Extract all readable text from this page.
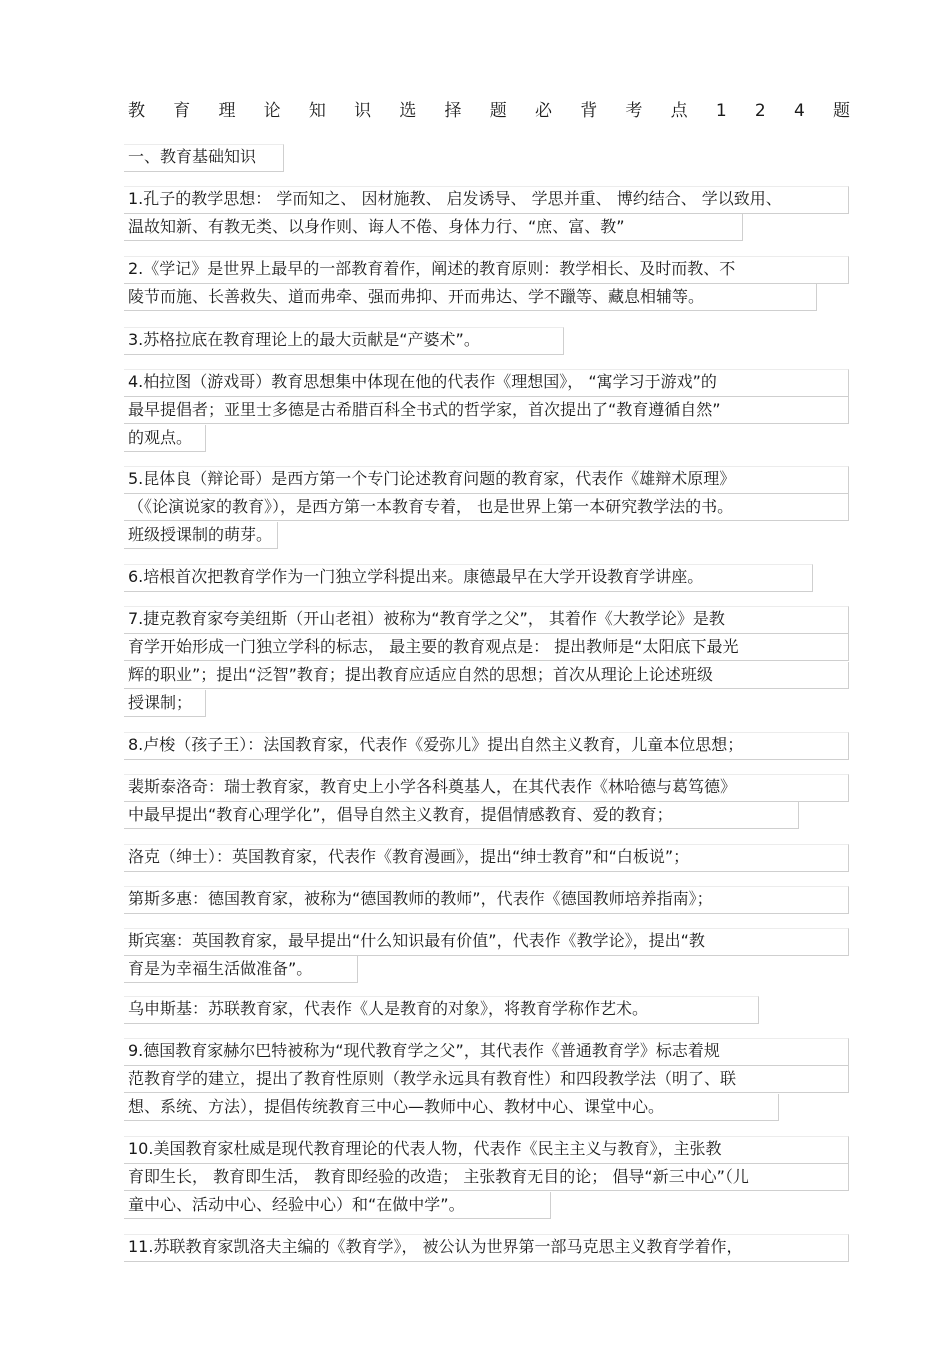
教 育 理 论 知 识 选 择 题 必 背 考 点 1 2 4 题
一、教育基础知识
1.孔子的教学思想： 学而知之、 因材施教、 启发诱导、 学思并重、 博约结合、 学以致用、
温故知新、有教无类、以身作则、诲人不倦、身体力行、“庶、富、教”
2.《学记》是世界上最早的一部教育着作，阐述的教育原则：教学相长、及时而教、不
陵节而施、长善救失、道而弗牵、强而弗抑、开而弗达、学不躐等、藏息相辅等。
3.苏格拉底在教育理论上的最大贡献是“产婆术”。
4.柏拉图（游戏哥）教育思想集中体现在他的代表作《理想国》， “寓学习于游戏”的
最早提倡者；亚里士多德是古希腊百科全书式的哲学家，首次提出了“教育遵循自然”
的观点。
5.昆体良（辩论哥）是西方第一个专门论述教育问题的教育家，代表作《雄辩术原理》
（《论演说家的教育》），是西方第一本教育专着， 也是世界上第一本研究教学法的书。
班级授课制的萌芽。
6.培根首次把教育学作为一门独立学科提出来。康德最早在大学开设教育学讲座。
7.捷克教育家夸美纽斯（开山老祖）被称为“教育学之父”， 其着作《大教学论》是教
育学开始形成一门独立学科的标志， 最主要的教育观点是： 提出教师是“太阳底下最光
辉的职业”；提出“泛智”教育；提出教育应适应自然的思想；首次从理论上论述班级
授课制；
8.卢梭（孩子王）：法国教育家，代表作《爱弥儿》提出自然主义教育，儿童本位思想；
裴斯泰洛奇：瑞士教育家，教育史上小学各科奠基人，在其代表作《林哈德与葛笃德》
中最早提出“教育心理学化”，倡导自然主义教育，提倡情感教育、爱的教育；
洛克（绅士）：英国教育家，代表作《教育漫画》，提出“绅士教育”和“白板说”；
第斯多惠：德国教育家，被称为“德国教师的教师”，代表作《德国教师培养指南》；
斯宾塞：英国教育家，最早提出“什么知识最有价值”，代表作《教学论》，提出“教
育是为幸福生活做准备”。
乌申斯基：苏联教育家，代表作《人是教育的对象》，将教育学称作艺术。
9.德国教育家赫尔巴特被称为“现代教育学之父”，其代表作《普通教育学》标志着规
范教育学的建立，提出了教育性原则（教学永远具有教育性）和四段教学法（明了、联
想、系统、方法），提倡传统教育三中心—教师中心、教材中心、课堂中心。
10.美国教育家杜威是现代教育理论的代表人物，代表作《民主主义与教育》，主张教
育即生长， 教育即生活， 教育即经验的改造； 主张教育无目的论； 倡导“新三中心”（儿
童中心、活动中心、经验中心）和“在做中学”。
11.苏联教育家凯洛夫主编的《教育学》， 被公认为世界第一部马克思主义教育学着作，
